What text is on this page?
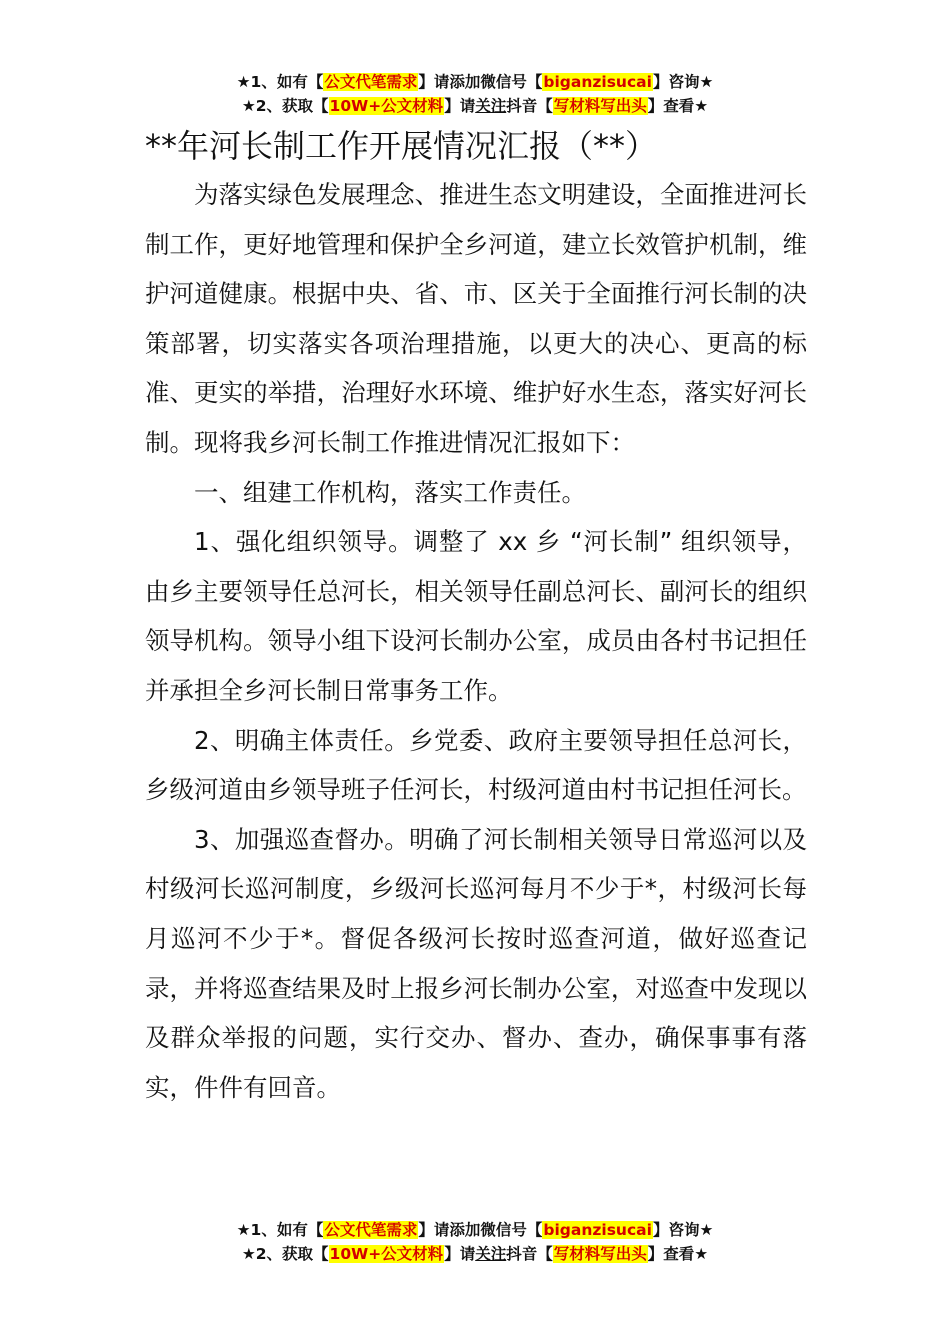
★1、如有【公文代笔需求】请添加微信号【biganzisucai】咨询★
★2、获取【10W+公文材料】请关注抖音【写材料写出头】查看★
**年河长制工作开展情况汇报（**）

为落实绿色发展理念、推进生态文明建设，全面推进河长制工作，更好地管理和保护全乡河道，建立长效管护机制，维护河道健康。根据中央、省、市、区关于全面推行河长制的决策部署，切实落实各项治理措施，以更大的决心、更高的标准、更实的举措，治理好水环境、维护好水生态，落实好河长制。现将我乡河长制工作推进情况汇报如下：

一、组建工作机构，落实工作责任。

1、强化组织领导。调整了 xx 乡 “河长制” 组织领导，由乡主要领导任总河长，相关领导任副总河长、副河长的组织领导机构。领导小组下设河长制办公室，成员由各村书记担任并承担全乡河长制日常事务工作。

2、明确主体责任。乡党委、政府主要领导担任总河长，乡级河道由乡领导班子任河长，村级河道由村书记担任河长。

3、加强巡查督办。明确了河长制相关领导日常巡河以及村级河长巡河制度，乡级河长巡河每月不少于*，村级河长每月巡河不少于*。督促各级河长按时巡查河道，做好巡查记录，并将巡查结果及时上报乡河长制办公室，对巡查中发现以及群众举报的问题，实行交办、督办、查办，确保事事有落实，件件有回音。

★1、如有【公文代笔需求】请添加微信号【biganzisucai】咨询★
★2、获取【10W+公文材料】请关注抖音【写材料写出头】查看★
